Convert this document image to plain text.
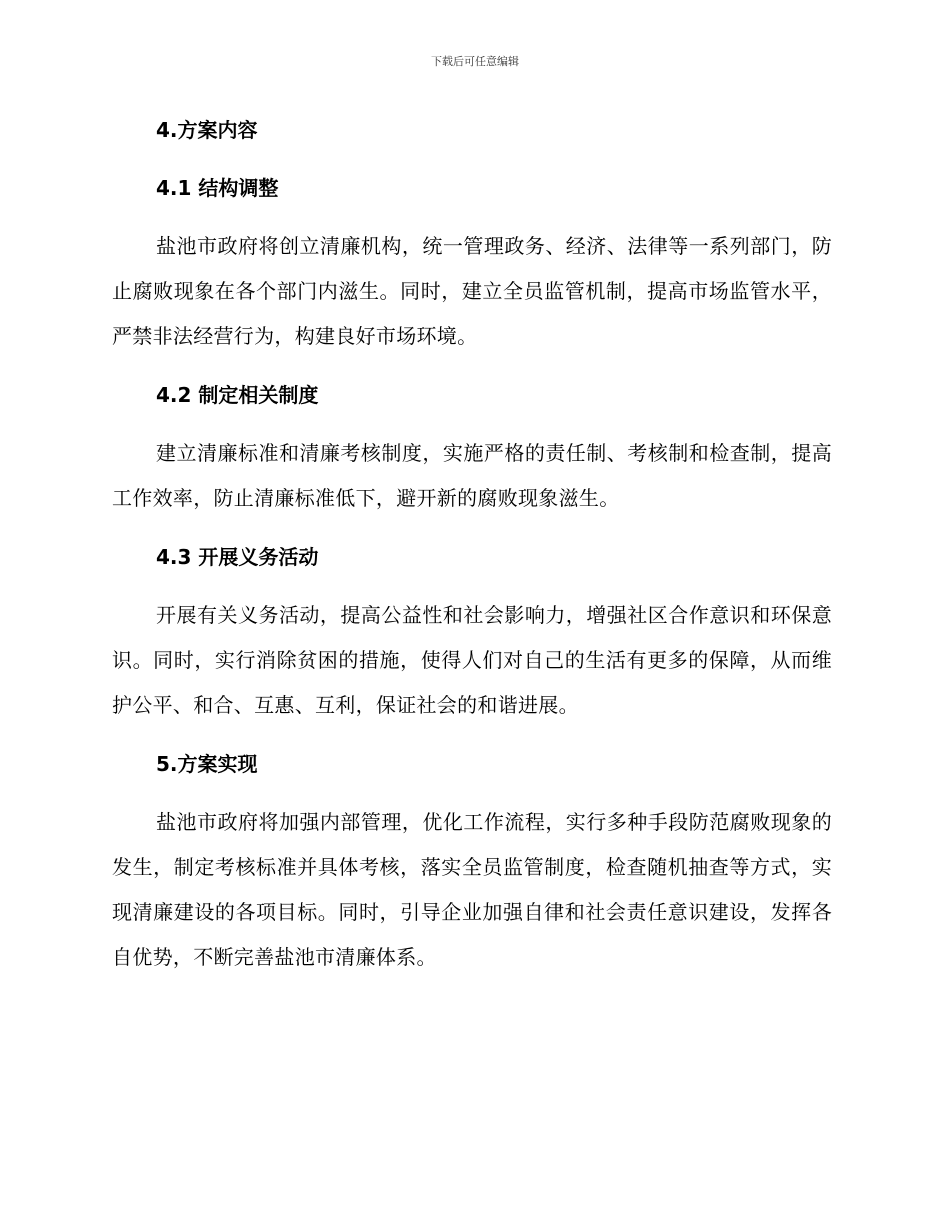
下载后可任意编辑
4.方案内容
4.1 结构调整

盐池市政府将创立清廉机构，统一管理政务、经济、法律等一系列部门，防止腐败现象在各个部门内滋生。同时，建立全员监管机制，提高市场监管水平，严禁非法经营行为，构建良好市场环境。

4.2 制定相关制度

建立清廉标准和清廉考核制度，实施严格的责任制、考核制和检查制，提高工作效率，防止清廉标准低下，避开新的腐败现象滋生。

4.3 开展义务活动

开展有关义务活动，提高公益性和社会影响力，增强社区合作意识和环保意识。同时，实行消除贫困的措施，使得人们对自己的生活有更多的保障，从而维护公平、和合、互惠、互利，保证社会的和谐进展。

5.方案实现

盐池市政府将加强内部管理，优化工作流程，实行多种手段防范腐败现象的发生，制定考核标准并具体考核，落实全员监管制度，检查随机抽查等方式，实现清廉建设的各项目标。同时，引导企业加强自律和社会责任意识建设，发挥各自优势，不断完善盐池市清廉体系。
